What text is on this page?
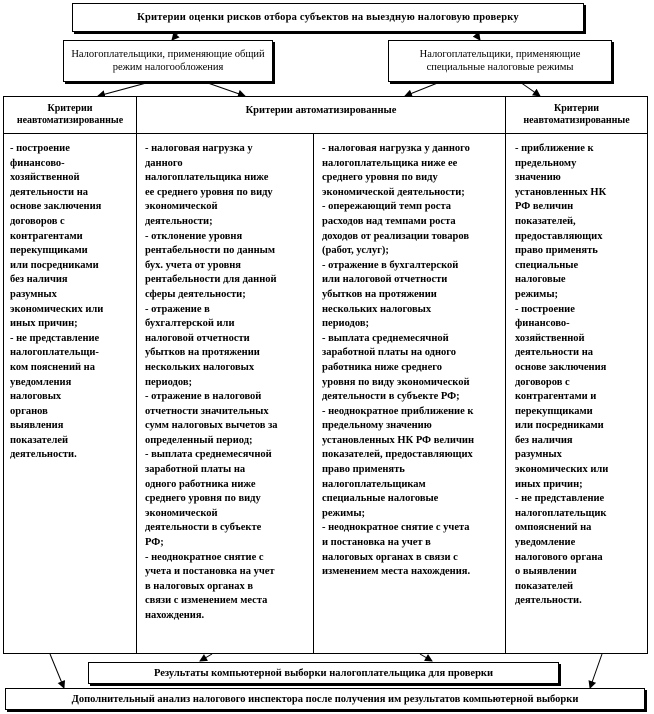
Критерии оценки рисков отбора субъектов на выездную налоговую проверку
Налогоплательщики, применяющие общий режим налогообложения
Налогоплательщики, применяющие специальные налоговые режимы
Критерии неавтоматизированные
Критерии автоматизированные	Критерии неавтоматизированные

- построение
финансово-
хозяйственной
деятельности на
основе заключения
договоров с
контрагентами
перекупщиками
или посредниками
без наличия
разумных
экономических или
иных причин;
- не представление
налогоплательщи-
ком пояснений на
уведомления
налоговых
органов
выявления
показателей
деятельности.

- налоговая нагрузка у
данного
налогоплательщика ниже
ее среднего уровня по виду
экономической
деятельности;
- отклонение уровня
рентабельности по данным
бух. учета от уровня
рентабельности для данной
сферы деятельности;
- отражение в
бухгалтерской или
налоговой отчетности
убытков на протяжении
нескольких налоговых
периодов;
- отражение в налоговой
отчетности значительных
сумм налоговых вычетов за
определенный период;
- выплата среднемесячной
заработной платы на
одного работника ниже
среднего уровня по виду
экономической
деятельности в субъекте
РФ;
- неоднократное снятие с
учета и постановка на учет
в налоговых органах в
связи с изменением места
нахождения.

- налоговая нагрузка у данного
налогоплательщика ниже ее
среднего уровня по виду
экономической деятельности;
- опережающий темп роста
расходов над темпами роста
доходов от реализации товаров
(работ, услуг);
- отражение в бухгалтерской
или налоговой отчетности
убытков на протяжении
нескольких налоговых
периодов;
- выплата среднемесячной
заработной платы на одного
работника ниже среднего
уровня по виду экономической
деятельности в субъекте РФ;
- неоднократное приближение к
предельному значению
установленных НК РФ величин
показателей, предоставляющих
право применять
налогоплательщикам
специальные налоговые
режимы;
- неоднократное снятие с учета
и постановка на учет в
налоговых органах в связи с
изменением места нахождения.

- приближение к
предельному
значению
установленных НК
РФ величин
показателей,
предоставляющих
право применять
специальные
налоговые
режимы;
- построение
финансово-
хозяйственной
деятельности на
основе заключения
договоров с
контрагентами и
перекупщиками
или посредниками
без наличия
разумных
экономических или
иных причин;
- не представление
налогоплательщик
омпояснений на
уведомление
налогового органа
о выявлении
показателей
деятельности.

Результаты компьютерной выборки налогоплательщика для проверки
Дополнительный анализ налогового инспектора после получения им результатов компьютерной выборки
